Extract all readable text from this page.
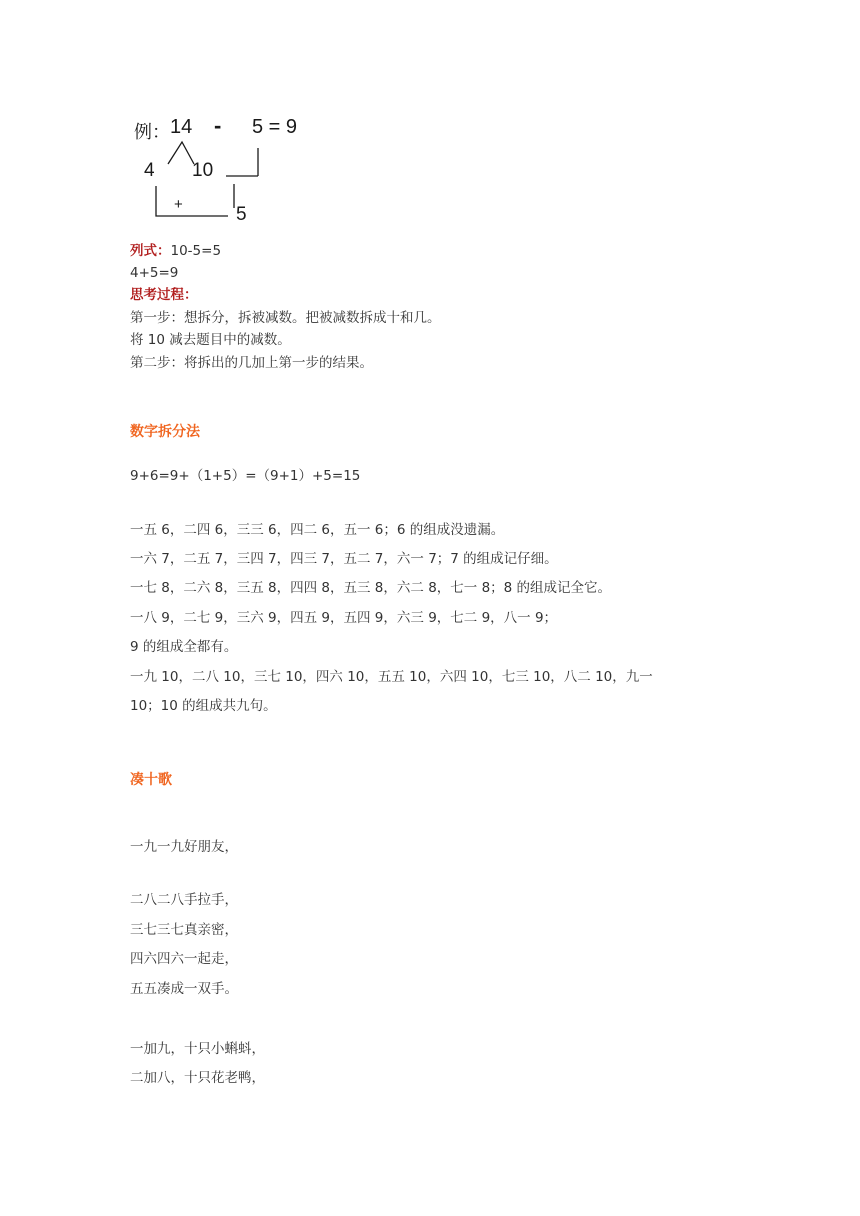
例： 14 - 5 = 9
4 10
+	5
列式：10-5=5
4+5=9
思考过程：
第一步：想拆分，拆被减数。把被减数拆成十和几。
将 10 减去题目中的减数。
第二步：将拆出的几加上第一步的结果。
数字拆分法
9+6=9+（1+5）=（9+1）+5=15
一五 6，二四 6，三三 6，四二 6，五一 6；6 的组成没遗漏。
一六 7，二五 7，三四 7，四三 7，五二 7，六一 7；7 的组成记仔细。
一七 8，二六 8，三五 8，四四 8，五三 8，六二 8，七一 8；8 的组成记全它。
一八 9，二七 9，三六 9，四五 9，五四 9，六三 9，七二 9，八一 9；
9 的组成全都有。
一九 10，二八 10，三七 10，四六 10，五五 10，六四 10，七三 10，八二 10，九一
10；10 的组成共九句。
凑十歌
一九一九好朋友，
二八二八手拉手，
三七三七真亲密，
四六四六一起走，
五五凑成一双手。
一加九，十只小蝌蚪，
二加八，十只花老鸭，
